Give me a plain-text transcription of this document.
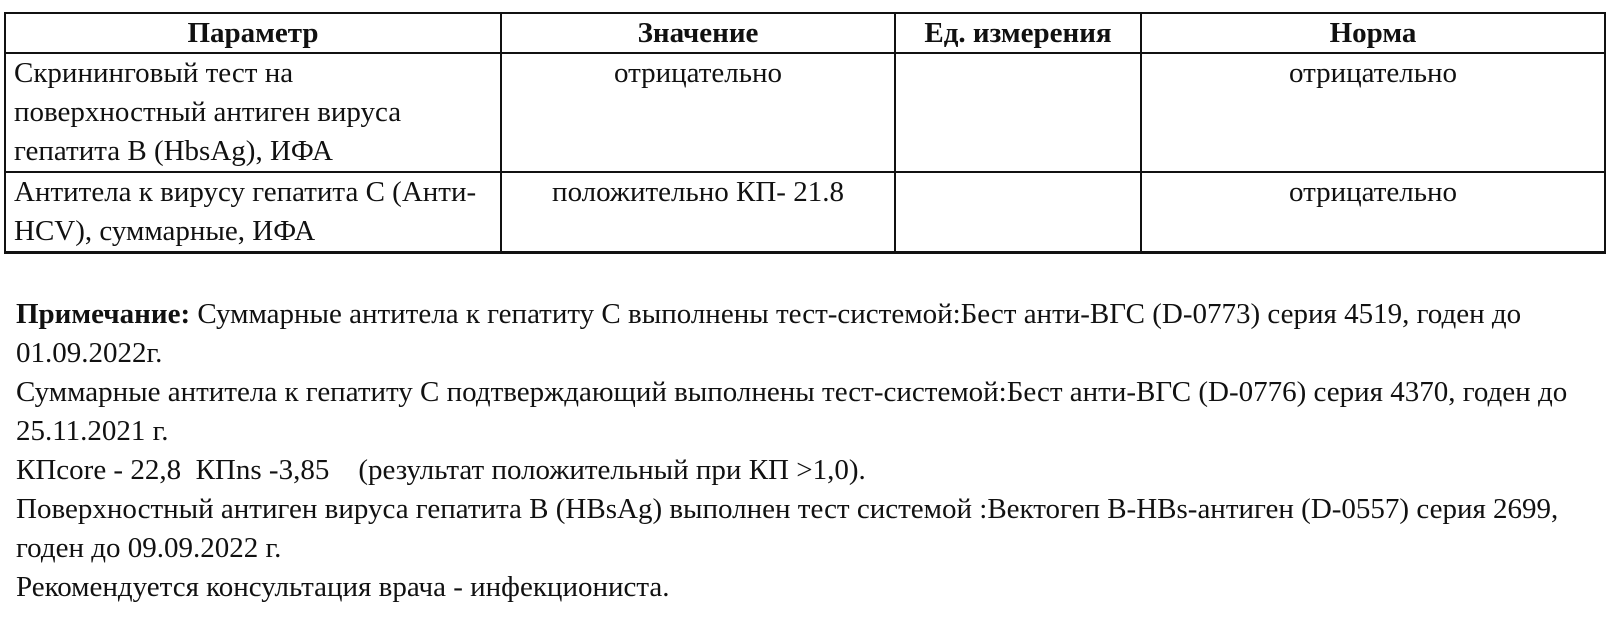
Параметр	Значение	Ед. измерения	Норма
Скрининговый тест на поверхностный антиген вируса гепатита В (HbsAg), ИФА	отрицательно		отрицательно
Антитела к вирусу гепатита С (Анти-HCV), суммарные, ИФА	положительно КП- 21.8		отрицательно

Примечание: Суммарные антитела к гепатиту С выполнены тест-системой:Бест анти-ВГС (D-0773) серия 4519, годен до 01.09.2022г.

Суммарные антитела к гепатиту С подтверждающий выполнены тест-системой:Бест анти-ВГС (D-0776) серия 4370, годен до 25.11.2021 г.

КПcore - 22,8  КПns -3,85    (результат положительный при КП >1,0).

Поверхностный антиген вируса гепатита В (HBsAg) выполнен тест системой :Вектогеп В-HBs-антиген (D-0557) серия 2699, годен до 09.09.2022 г.

Рекомендуется консультация врача - инфекциониста.
